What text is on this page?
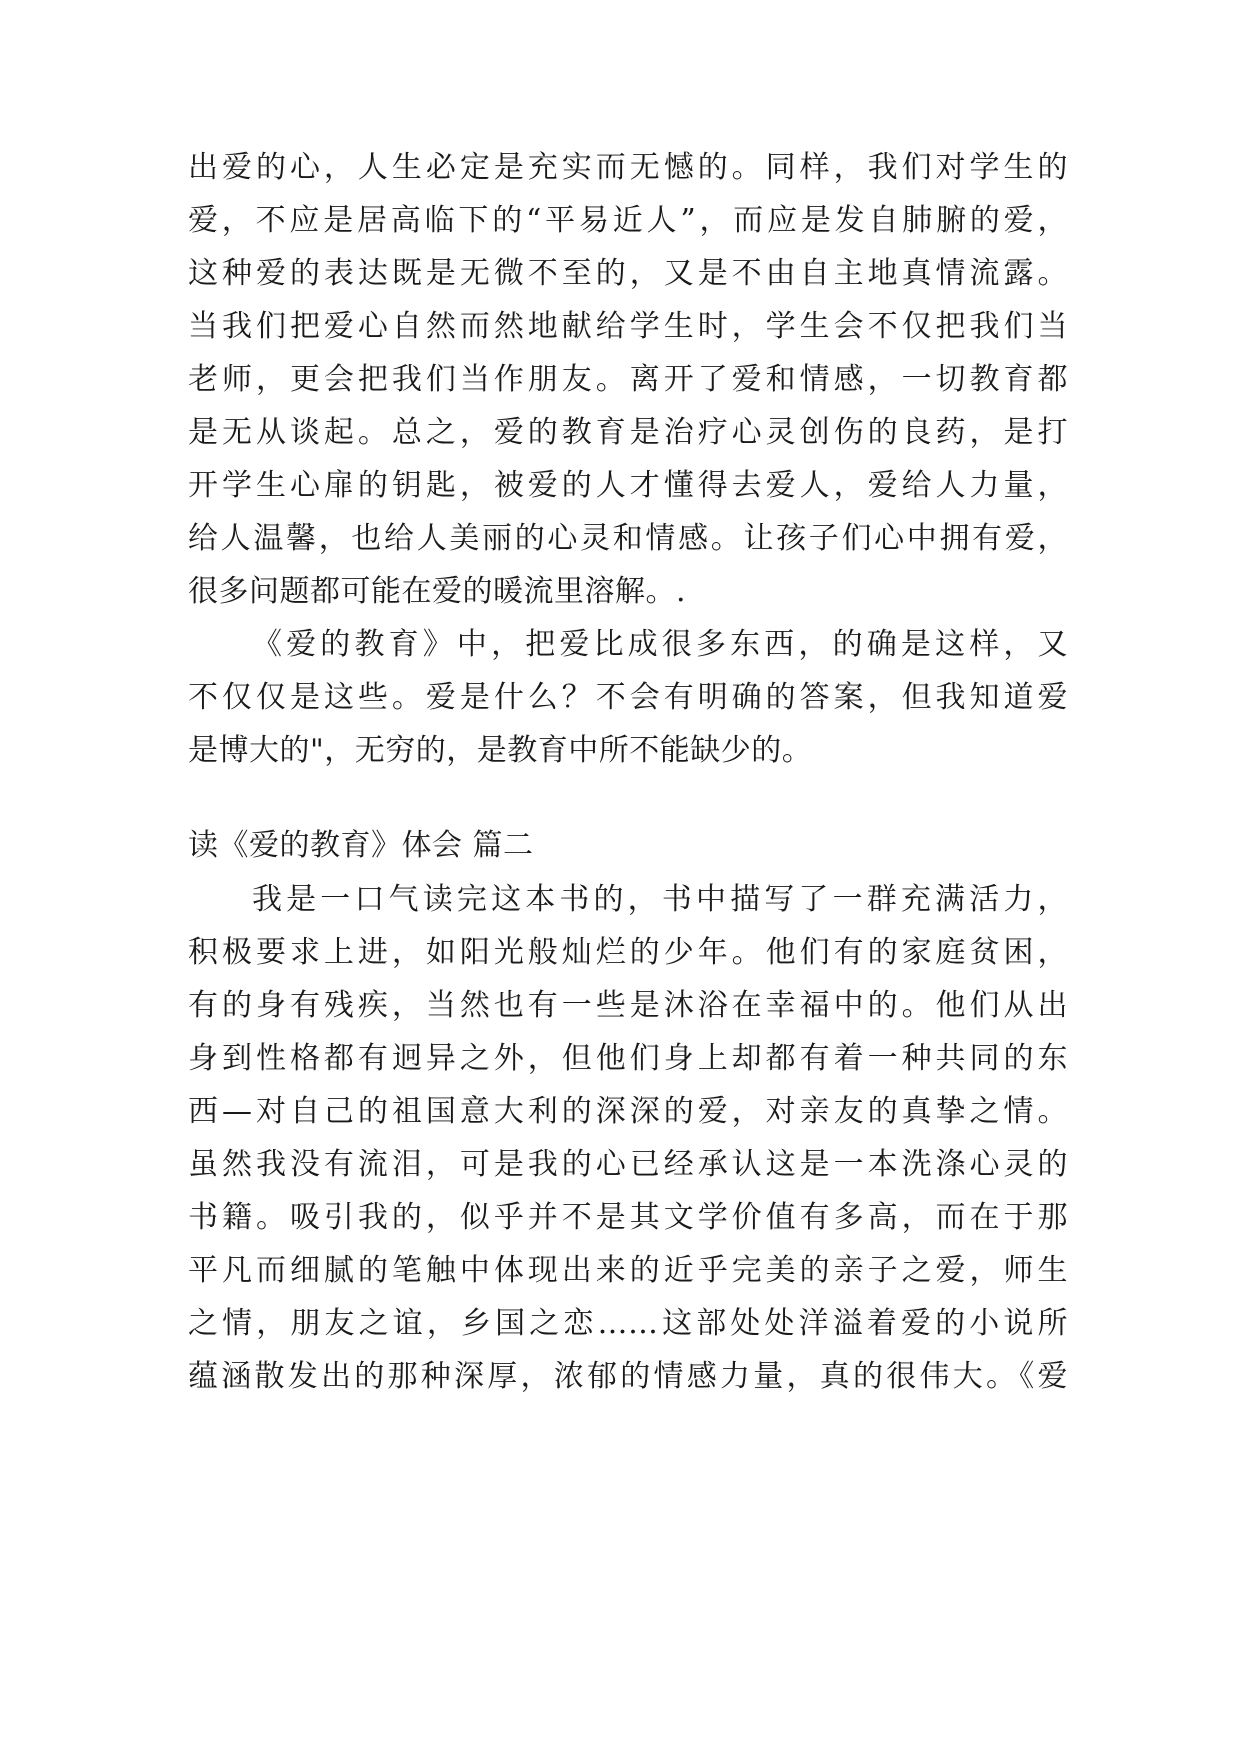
出爱的心，人生必定是充实而无憾的。同样，我们对学生的
爱，不应是居高临下的“平易近人”，而应是发自肺腑的爱，
这种爱的表达既是无微不至的，又是不由自主地真情流露。
当我们把爱心自然而然地献给学生时，学生会不仅把我们当
老师，更会把我们当作朋友。离开了爱和情感，一切教育都
是无从谈起。总之，爱的教育是治疗心灵创伤的良药，是打
开学生心扉的钥匙，被爱的人才懂得去爱人，爱给人力量，
给人温馨，也给人美丽的心灵和情感。让孩子们心中拥有爱，
很多问题都可能在爱的暖流里溶解。.
《爱的教育》中，把爱比成很多东西，的确是这样，又
不仅仅是这些。爱是什么？不会有明确的答案，但我知道爱
是博大的"，无穷的，是教育中所不能缺少的。
读《爱的教育》体会 篇二
我是一口气读完这本书的，书中描写了一群充满活力，
积极要求上进，如阳光般灿烂的少年。他们有的家庭贫困，
有的身有残疾，当然也有一些是沐浴在幸福中的。他们从出
身到性格都有迥异之外，但他们身上却都有着一种共同的东
西—对自己的祖国意大利的深深的爱，对亲友的真挚之情。
虽然我没有流泪，可是我的心已经承认这是一本洗涤心灵的
书籍。吸引我的，似乎并不是其文学价值有多高，而在于那
平凡而细腻的笔触中体现出来的近乎完美的亲子之爱，师生
之情，朋友之谊，乡国之恋……这部处处洋溢着爱的小说所
蕴涵散发出的那种深厚，浓郁的情感力量，真的很伟大。《爱
